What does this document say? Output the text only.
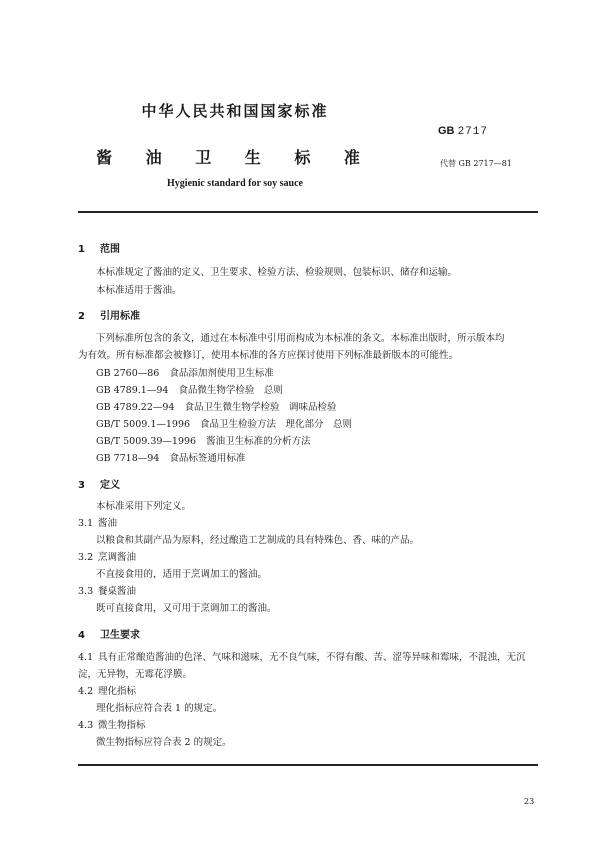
中华人民共和国国家标准
GB 2717
酱 油 卫 生 标 准	代替 GB 2717—81
Hygienic standard for soy sauce
1 范围
本标准规定了酱油的定义、卫生要求、检验方法、检验规则、包装标识、储存和运输。
本标准适用于酱油。
2 引用标准
下列标准所包含的条文，通过在本标准中引用而构成为本标准的条文。本标准出版时，所示版本均
为有效。所有标准都会被修订，使用本标准的各方应探讨使用下列标准最新版本的可能性。
GB 2760—86 食品添加剂使用卫生标准
GB 4789.1—94 食品微生物学检验　总则
GB 4789.22—94 食品卫生微生物学检验　调味品检验
GB/T 5009.1—1996 食品卫生检验方法　理化部分　总则
GB/T 5009.39—1996 酱油卫生标准的分析方法
GB 7718—94 食品标签通用标准
3 定义
本标准采用下列定义。
3.1 酱油
以粮食和其副产品为原料，经过酿造工艺制成的具有特殊色、香、味的产品。
3.2 烹调酱油
不直接食用的，适用于烹调加工的酱油。
3.3 餐桌酱油
既可直接食用，又可用于烹调加工的酱油。
4 卫生要求
4.1 具有正常酿造酱油的色泽、气味和滋味，无不良气味，不得有酸、苦、涩等异味和霉味，不混浊，无沉
淀，无异物，无霉花浮膜。
4.2 理化指标
理化指标应符合表 1 的规定。
4.3 微生物指标
微生物指标应符合表 2 的规定。
23
